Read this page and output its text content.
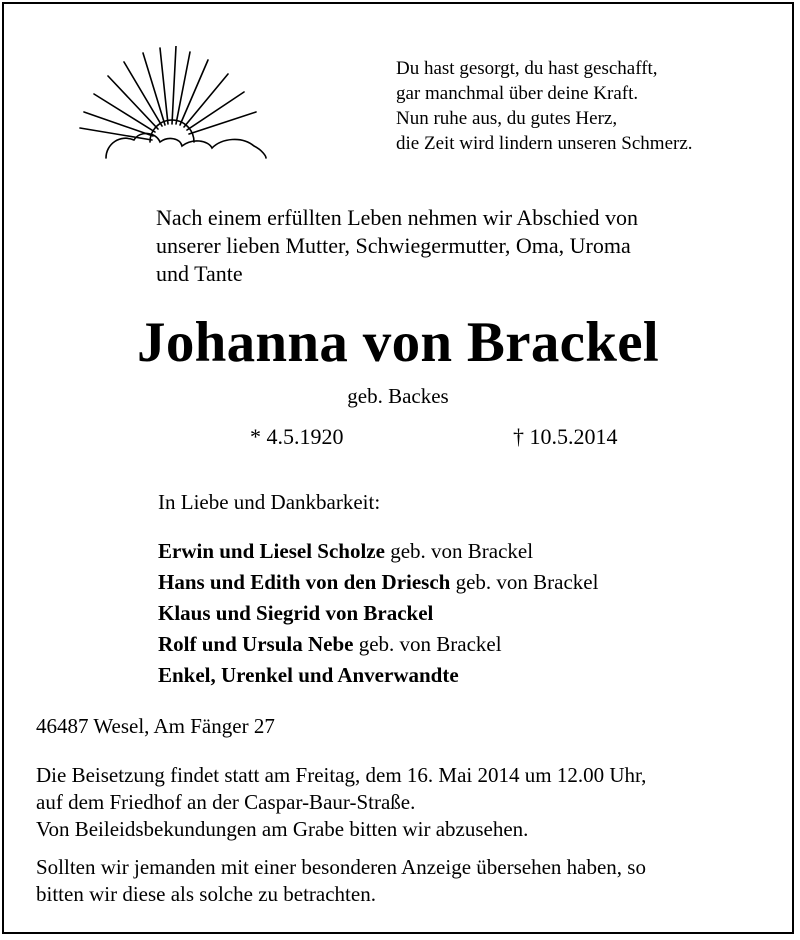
Du hast gesorgt, du hast geschafft,
gar manchmal über deine Kraft.
Nun ruhe aus, du gutes Herz,
die Zeit wird lindern unseren Schmerz.
Nach einem erfüllten Leben nehmen wir Abschied von
unserer lieben Mutter, Schwiegermutter, Oma, Uroma
und Tante
Johanna von Brackel
geb. Backes
* 4.5.1920	† 10.5.2014
In Liebe und Dankbarkeit:
Erwin und Liesel Scholze geb. von Brackel
Hans und Edith von den Driesch geb. von Brackel
Klaus und Siegrid von Brackel
Rolf und Ursula Nebe geb. von Brackel
Enkel, Urenkel und Anverwandte
46487 Wesel, Am Fänger 27
Die Beisetzung findet statt am Freitag, dem 16. Mai 2014 um 12.00 Uhr,
auf dem Friedhof an der Caspar-Baur-Straße.
Von Beileidsbekundungen am Grabe bitten wir abzusehen.
Sollten wir jemanden mit einer besonderen Anzeige übersehen haben, so
bitten wir diese als solche zu betrachten.
